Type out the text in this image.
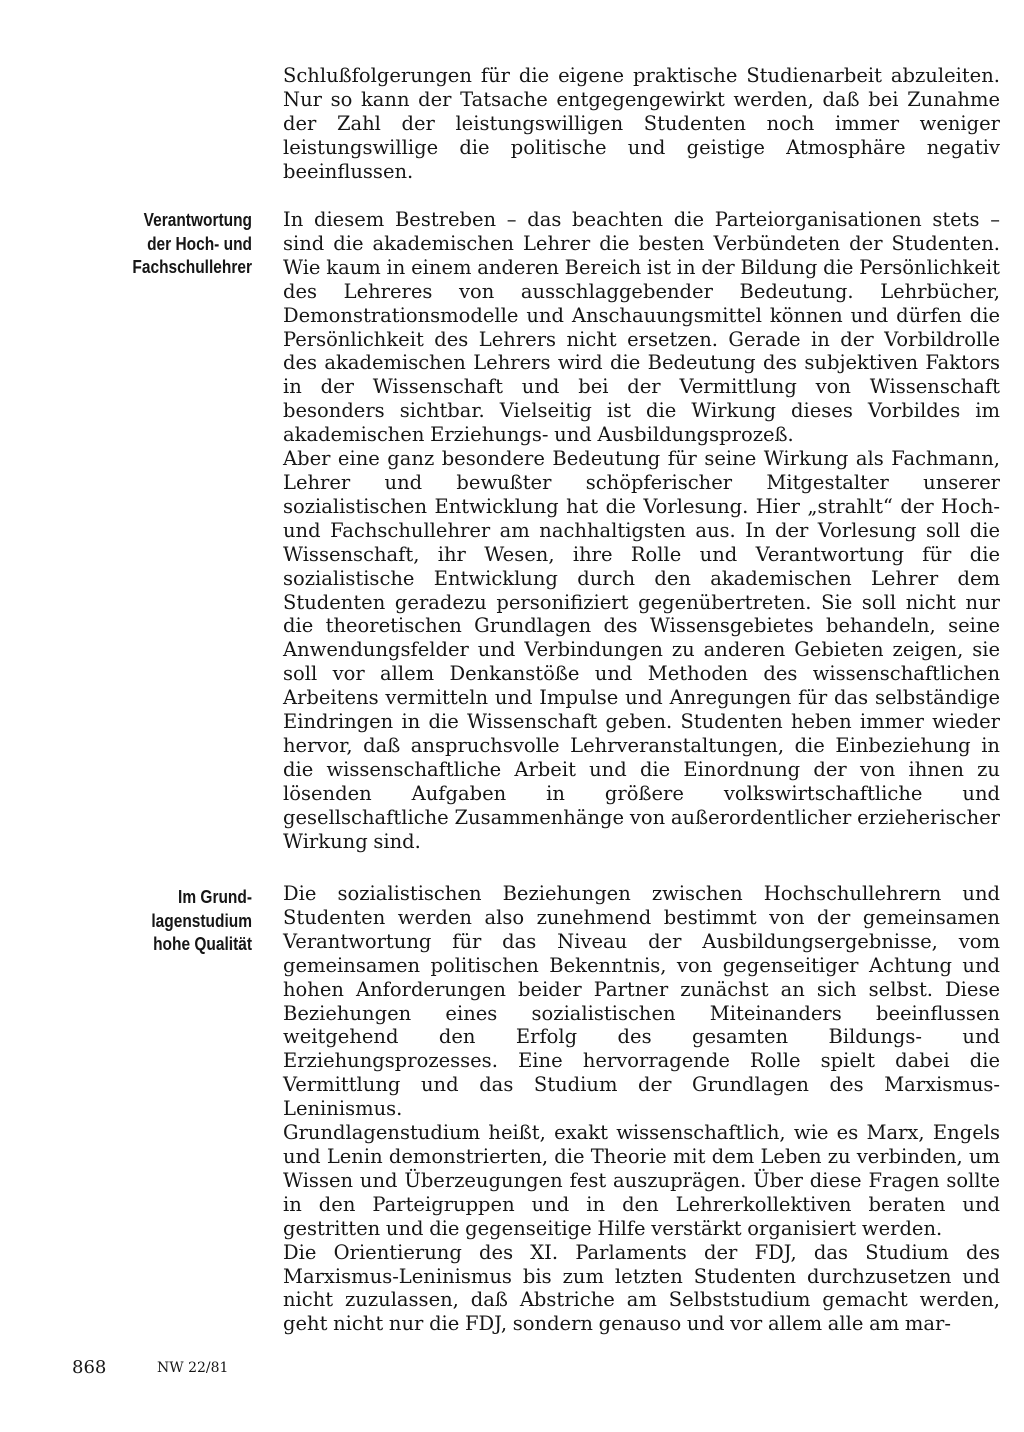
Schlußfolgerungen für die eigene praktische Studienarbeit abzuleiten. Nur so kann der Tatsache entgegengewirkt werden, daß bei Zunahme der Zahl der leistungswilligen Studenten noch immer weniger leistungswillige die politische und geistige Atmosphäre negativ beeinflussen.

Verantwortung
der Hoch- und
Fachschullehrer

In diesem Bestreben – das beachten die Parteiorganisationen stets – sind die akademischen Lehrer die besten Verbündeten der Studenten. Wie kaum in einem anderen Bereich ist in der Bildung die Persönlichkeit des Lehreres von ausschlaggebender Bedeutung. Lehrbücher, Demonstrationsmodelle und Anschauungsmittel können und dürfen die Persönlichkeit des Lehrers nicht ersetzen. Gerade in der Vorbildrolle des akademischen Lehrers wird die Bedeutung des subjektiven Faktors in der Wissenschaft und bei der Vermittlung von Wissenschaft besonders sichtbar. Vielseitig ist die Wirkung dieses Vorbildes im akademischen Erziehungs- und Ausbildungsprozeß.

Aber eine ganz besondere Bedeutung für seine Wirkung als Fachmann, Lehrer und bewußter schöpferischer Mitgestalter unserer sozialistischen Entwicklung hat die Vorlesung. Hier „strahlt“ der Hoch- und Fachschullehrer am nachhaltigsten aus. In der Vorlesung soll die Wissenschaft, ihr Wesen, ihre Rolle und Verantwortung für die sozialistische Entwicklung durch den akademischen Lehrer dem Studenten geradezu personifiziert gegenübertreten. Sie soll nicht nur die theoretischen Grundlagen des Wissensgebietes behandeln, seine Anwendungsfelder und Verbindungen zu anderen Gebieten zeigen, sie soll vor allem Denkanstöße und Methoden des wissenschaftlichen Arbeitens vermitteln und Impulse und Anregungen für das selbständige Eindringen in die Wissenschaft geben. Studenten heben immer wieder hervor, daß anspruchsvolle Lehrveranstaltungen, die Einbeziehung in die wissenschaftliche Arbeit und die Einordnung der von ihnen zu lösenden Aufgaben in größere volkswirtschaftliche und gesellschaftliche Zusammenhänge von außerordentlicher erzieherischer Wirkung sind.

Im Grund-
lagenstudium
hohe Qualität

Die sozialistischen Beziehungen zwischen Hochschullehrern und Studenten werden also zunehmend bestimmt von der gemeinsamen Verantwortung für das Niveau der Ausbildungsergebnisse, vom gemeinsamen politischen Bekenntnis, von gegenseitiger Achtung und hohen Anforderungen beider Partner zunächst an sich selbst. Diese Beziehungen eines sozialistischen Miteinanders beeinflussen weitgehend den Erfolg des gesamten Bildungs- und Erziehungsprozesses. Eine hervorragende Rolle spielt dabei die Vermittlung und das Studium der Grundlagen des Marxismus-Leninismus.

Grundlagenstudium heißt, exakt wissenschaftlich, wie es Marx, Engels und Lenin demonstrierten, die Theorie mit dem Leben zu verbinden, um Wissen und Überzeugungen fest auszuprägen. Über diese Fragen sollte in den Parteigruppen und in den Lehrerkollektiven beraten und gestritten und die gegenseitige Hilfe verstärkt organisiert werden.

Die Orientierung des XI. Parlaments der FDJ, das Studium des Marxismus-Leninismus bis zum letzten Studenten durchzusetzen und nicht zuzulassen, daß Abstriche am Selbststudium gemacht werden, geht nicht nur die FDJ, sondern genauso und vor allem alle am mar-

868	NW 22/81
